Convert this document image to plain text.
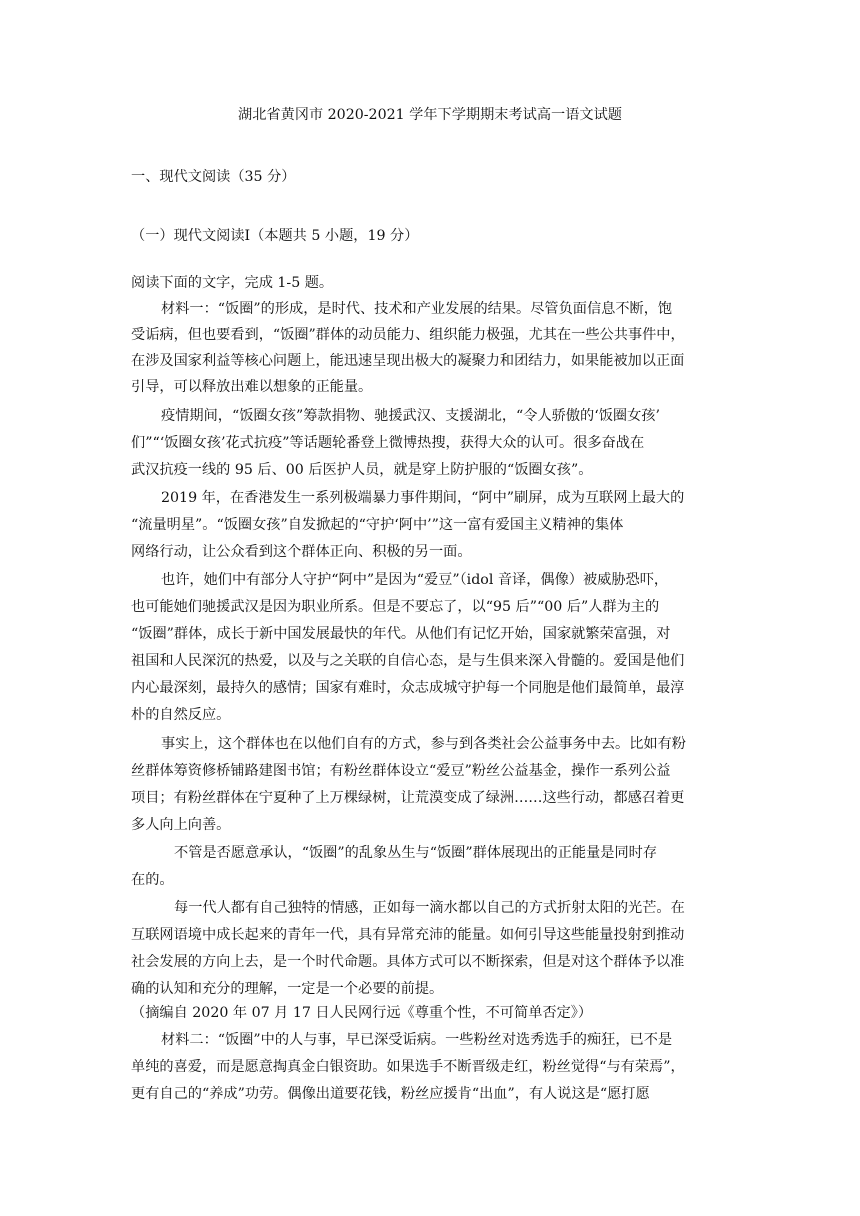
湖北省黄冈市 2020-2021 学年下学期期末考试高一语文试题
一、现代文阅读（35 分）
（一）现代文阅读Ⅰ（本题共 5 小题，19 分）
阅读下面的文字，完成 1-5 题。
材料一：“饭圈”的形成，是时代、技术和产业发展的结果。尽管负面信息不断，饱
受诟病，但也要看到，“饭圈”群体的动员能力、组织能力极强，尤其在一些公共事件中，
在涉及国家利益等核心问题上，能迅速呈现出极大的凝聚力和团结力，如果能被加以正面
引导，可以释放出难以想象的正能量。
疫情期间，“饭圈女孩”筹款捐物、驰援武汉、支援湖北，“令人骄傲的‘饭圈女孩’
们”“‘饭圈女孩’花式抗疫”等话题轮番登上微博热搜，获得大众的认可。很多奋战在
武汉抗疫一线的 95 后、00 后医护人员，就是穿上防护服的“饭圈女孩”。
2019 年，在香港发生一系列极端暴力事件期间，“阿中”刷屏，成为互联网上最大的
“流量明星”。“饭圈女孩”自发掀起的“守护‘阿中’”这一富有爱国主义精神的集体
网络行动，让公众看到这个群体正向、积极的另一面。
也许，她们中有部分人守护“阿中”是因为“爱豆”（idol 音译，偶像）被威胁恐吓，
也可能她们驰援武汉是因为职业所系。但是不要忘了，以“95 后”“00 后”人群为主的
“饭圈”群体，成长于新中国发展最快的年代。从他们有记忆开始，国家就繁荣富强，对
祖国和人民深沉的热爱，以及与之关联的自信心态，是与生俱来深入骨髓的。爱国是他们
内心最深刻，最持久的感情；国家有难时，众志成城守护每一个同胞是他们最简单，最淳
朴的自然反应。
事实上，这个群体也在以他们自有的方式，参与到各类社会公益事务中去。比如有粉
丝群体筹资修桥铺路建图书馆；有粉丝群体设立“爱豆”粉丝公益基金，操作一系列公益
项目；有粉丝群体在宁夏种了上万棵绿树，让荒漠变成了绿洲……这些行动，都感召着更
多人向上向善。
不管是否愿意承认，“饭圈”的乱象丛生与“饭圈”群体展现出的正能量是同时存
在的。
每一代人都有自己独特的情感，正如每一滴水都以自己的方式折射太阳的光芒。在
互联网语境中成长起来的青年一代，具有异常充沛的能量。如何引导这些能量投射到推动
社会发展的方向上去，是一个时代命题。具体方式可以不断探索，但是对这个群体予以准
确的认知和充分的理解，一定是一个必要的前提。
（摘编自 2020 年 07 月 17 日人民网行远《尊重个性，不可简单否定》）
材料二：“饭圈”中的人与事，早已深受诟病。一些粉丝对选秀选手的痴狂，已不是
单纯的喜爱，而是愿意掏真金白银资助。如果选手不断晋级走红，粉丝觉得“与有荣焉”，
更有自己的“养成”功劳。偶像出道要花钱，粉丝应援肯“出血”，有人说这是“愿打愿
